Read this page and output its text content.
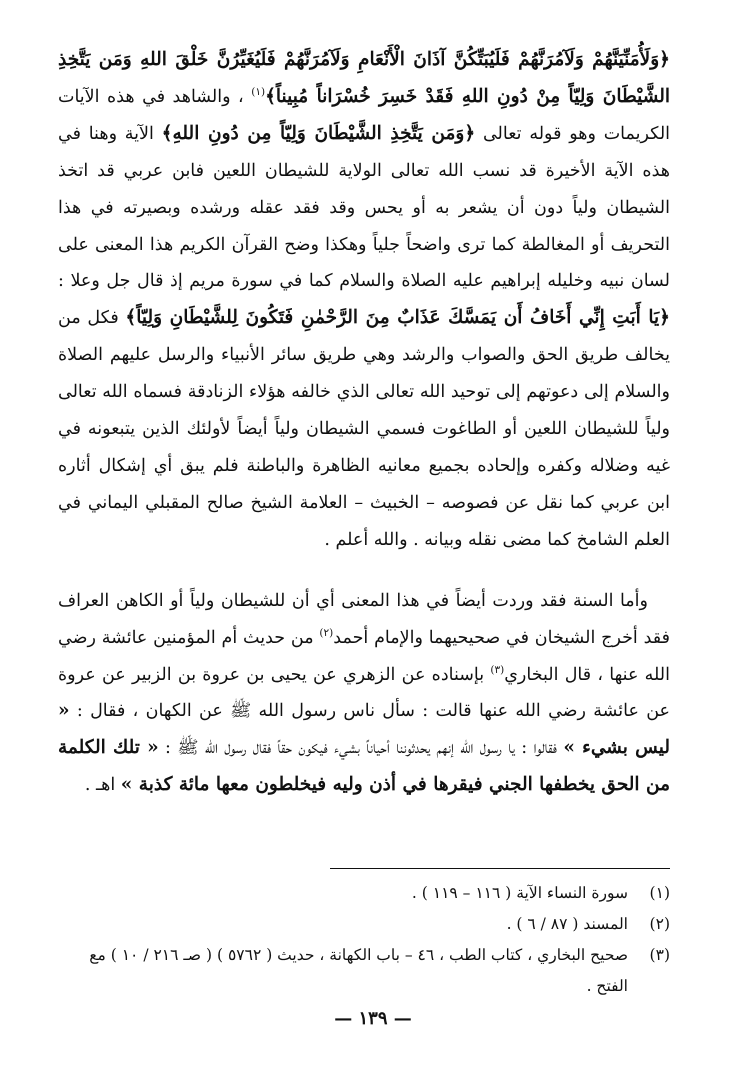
﴿وَلَأُمَنِّيَنَّهُمْ وَلَآمُرَنَّهُمْ فَلَيُبَتِّكُنَّ آذَانَ الْأَنْعَامِ وَلَآمُرَنَّهُمْ فَلَيُغَيِّرُنَّ خَلْقَ اللهِ وَمَن يَتَّخِذِ الشَّيْطَانَ وَلِيّاً مِنْ دُونِ اللهِ فَقَدْ خَسِرَ خُسْرَاناً مُبِيناً﴾$^{(١)}$ ، والشاهد في هذه الآيات الكريمات وهو قوله تعالى ﴿وَمَن يَتَّخِذِ الشَّيْطَانَ وَلِيّاً مِن دُونِ اللهِ﴾ الآية وهنا في هذه الآية الأخيرة قد نسب الله تعالى الولاية للشيطان اللعين فابن عربي قد اتخذ الشيطان ولياً دون أن يشعر به أو يحس وقد فقد عقله ورشده وبصيرته في هذا التحريف أو المغالطة كما ترى واضحاً جلياً وهكذا وضح القرآن الكريم هذا المعنى على لسان نبيه وخليله إبراهيم عليه الصلاة والسلام كما في سورة مريم إذ قال جل وعلا : ﴿يَا أَبَتِ إِنِّي أَخَافُ أَن يَمَسَّكَ عَذَابٌ مِنَ الرَّحْمٰنِ فَتَكُونَ لِلشَّيْطَانِ وَلِيّاً﴾ فكل من يخالف طريق الحق والصواب والرشد وهي طريق سائر الأنبياء والرسل عليهم الصلاة والسلام إلى دعوتهم إلى توحيد الله تعالى الذي خالفه هؤلاء الزنادقة فسماه الله تعالى ولياً للشيطان اللعين أو الطاغوت فسمي الشيطان ولياً أيضاً لأولئك الذين يتبعونه في غيه وضلاله وكفره وإلحاده بجميع معانيه الظاهرة والباطنة فلم يبق أي إشكال أثاره ابن عربي كما نقل عن فصوصه – الخبيث – العلامة الشيخ صالح المقبلي اليماني في العلم الشامخ كما مضى نقله وبيانه . والله أعلم .

وأما السنة فقد وردت أيضاً في هذا المعنى أي أن للشيطان ولياً أو الكاهن العراف فقد أخرج الشيخان في صحيحيهما والإمام أحمد$^{(٢)}$ من حديث أم المؤمنين عائشة رضي الله عنها ، قال البخاري$^{(٣)}$ بإسناده عن الزهري عن يحيى بن عروة بن الزبير عن عروة عن عائشة رضي الله عنها قالت : سأل ناس رسول الله ﷺ عن الكهان ، فقال : « ليس بشيء » فقالوا : يا رسول الله إنهم يحدثوننا أحياناً بشيء فيكون حقاً فقال رسول الله ﷺ : « تلك الكلمة من الحق يخطفها الجني فيقرها في أذن وليه فيخلطون معها مائة كذبة » اهـ .

(١)
سورة النساء الآية ( ١١٦ – ١١٩ ) .
(٢)
المسند ( ٨٧ / ٦ ) .
(٣)
صحيح البخاري ، كتاب الطب ، ٤٦ – باب الكهانة ، حديث ( ٥٧٦٢ ) ( صـ ٢١٦ / ١٠ ) مع الفتح .
— ١٣٩ —
